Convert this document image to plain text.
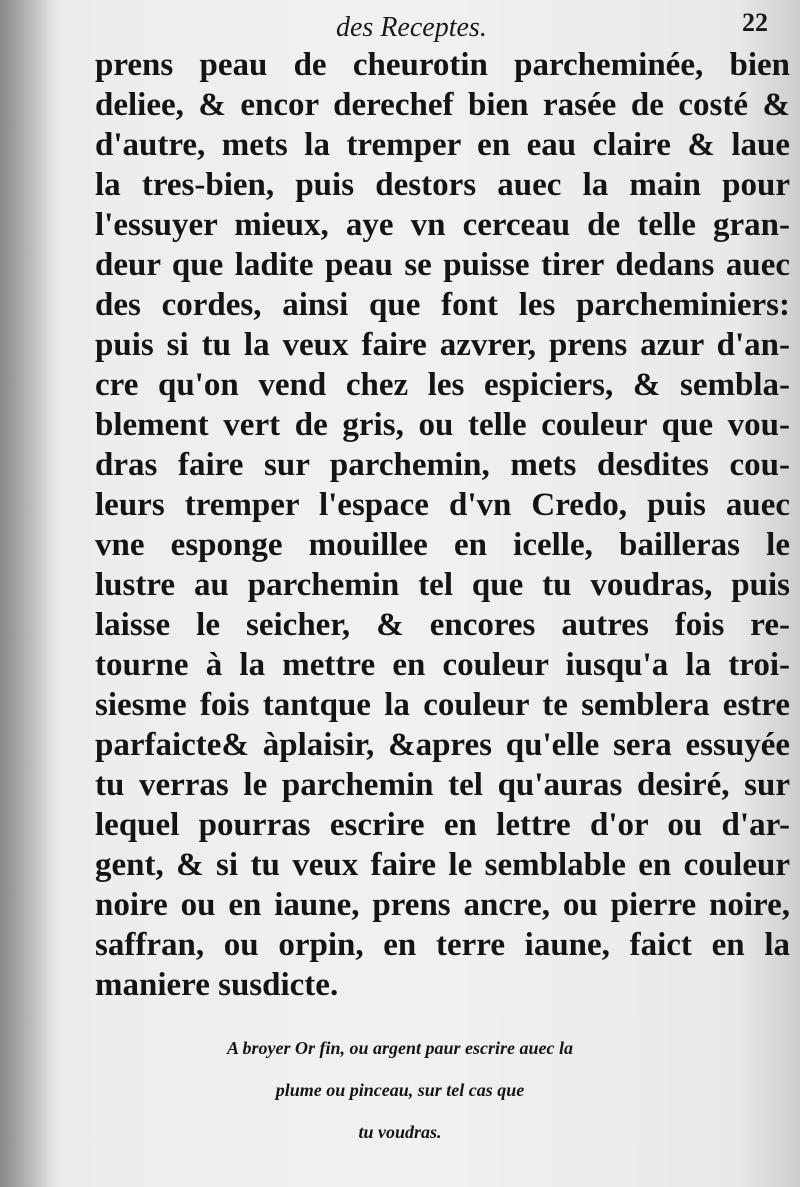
des Receptes.	22
prens peau de cheurotin parcheminée, bien
deliee, & encor derechef bien rasée de costé &
d'autre, mets la tremper en eau claire & laue
la tres-bien, puis destors auec la main pour
l'essuyer mieux, aye vn cerceau de telle gran-
deur que ladite peau se puisse tirer dedans auec
des cordes, ainsi que font les parcheminiers:
puis si tu la veux faire azvrer, prens azur d'an-
cre qu'on vend chez les espiciers, & sembla-
blement vert de gris, ou telle couleur que vou-
dras faire sur parchemin, mets desdites cou-
leurs tremper l'espace d'vn Credo, puis auec
vne esponge mouillee en icelle, bailleras le
lustre au parchemin tel que tu voudras, puis
laisse le seicher, & encores autres fois re-
tourne à la mettre en couleur iusqu'a la troi-
siesme fois tantque la couleur te semblera estre
parfaicte& àplaisir, &apres qu'elle sera essuyée
tu verras le parchemin tel qu'auras desiré, sur
lequel pourras escrire en lettre d'or ou d'ar-
gent, & si tu veux faire le semblable en couleur
noire ou en iaune, prens ancre, ou pierre noire,
saffran, ou orpin, en terre iaune, faict en la
maniere susdicte.
A broyer Or fin, ou argent paur escrire auec la
plume ou pinceau, sur tel cas que
tu voudras.
